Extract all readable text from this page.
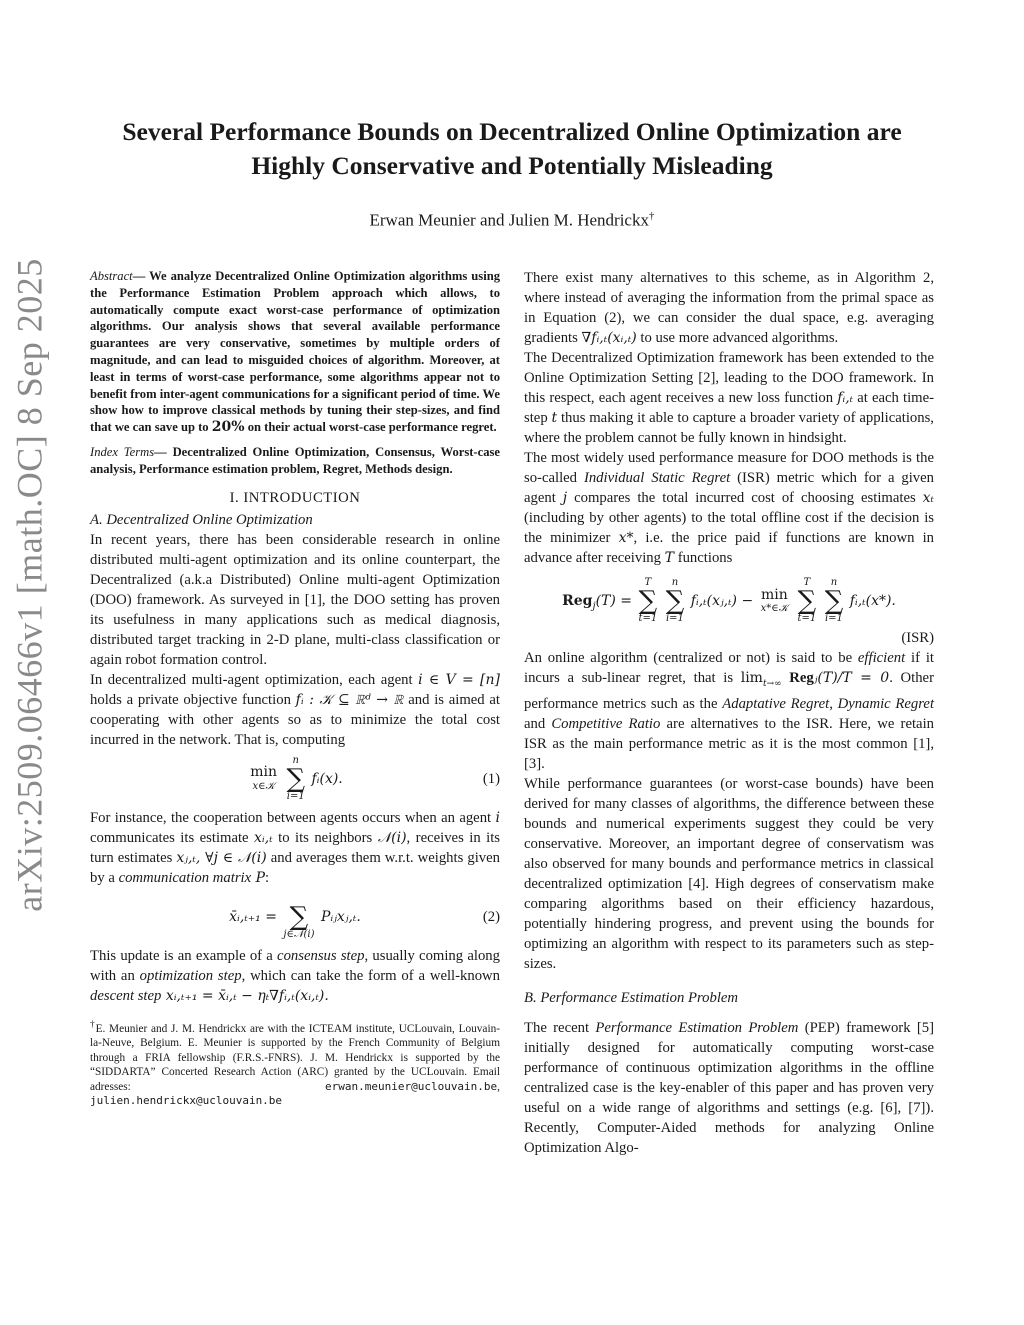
arXiv:2509.06466v1 [math.OC] 8 Sep 2025
Several Performance Bounds on Decentralized Online Optimization are
Highly Conservative and Potentially Misleading
Erwan Meunier and Julien M. Hendrickx†

Abstract— We analyze Decentralized Online Optimization algorithms using the Performance Estimation Problem approach which allows, to automatically compute exact worst-case performance of optimization algorithms. Our analysis shows that several available performance guarantees are very conservative, sometimes by multiple orders of magnitude, and can lead to misguided choices of algorithm. Moreover, at least in terms of worst-case performance, some algorithms appear not to benefit from inter-agent communications for a significant period of time. We show how to improve classical methods by tuning their step-sizes, and find that we can save up to 20% on their actual worst-case performance regret.

Index Terms— Decentralized Online Optimization, Consensus, Worst-case analysis, Performance estimation problem, Regret, Methods design.

I. INTRODUCTION

A. Decentralized Online Optimization

In recent years, there has been considerable research in online distributed multi-agent optimization and its online counterpart, the Decentralized (a.k.a Distributed) Online multi-agent Optimization (DOO) framework. As surveyed in [1], the DOO setting has proven its usefulness in many applications such as medical diagnosis, distributed target tracking in 2-D plane, multi-class classification or again robot formation control.

In decentralized multi-agent optimization, each agent i ∈ V = [n] holds a private objective function fᵢ : 𝒦 ⊆ ℝᵈ → ℝ and is aimed at cooperating with other agents so as to minimize the total cost incurred in the network. That is, computing

min
x∈𝒦

n
∑
i=1
fᵢ(x).	(1)

For instance, the cooperation between agents occurs when an agent i communicates its estimate xᵢ,ₜ to its neighbors 𝒩(i), receives in its turn estimates xⱼ,ₜ, ∀j ∈ 𝒩(i) and averages them w.r.t. weights given by a communication matrix P:

x̄ᵢ,ₜ₊₁ =
∑
j∈𝒩(i)
Pᵢⱼxⱼ,ₜ.	(2)

This update is an example of a consensus step, usually coming along with an optimization step, which can take the form of a well-known descent step xᵢ,ₜ₊₁ = x̄ᵢ,ₜ − ηₜ∇fᵢ,ₜ(xᵢ,ₜ).

†E. Meunier and J. M. Hendrickx are with the ICTEAM institute, UCLouvain, Louvain-la-Neuve, Belgium. E. Meunier is supported by the French Community of Belgium through a FRIA fellowship (F.R.S.-FNRS). J. M. Hendrickx is supported by the “SIDDARTA” Concerted Research Action (ARC) granted by the UCLouvain. Email adresses: erwan.meunier@uclouvain.be, julien.hendrickx@uclouvain.be

There exist many alternatives to this scheme, as in Algorithm 2, where instead of averaging the information from the primal space as in Equation (2), we can consider the dual space, e.g. averaging gradients ∇fᵢ,ₜ(xᵢ,ₜ) to use more advanced algorithms.

The Decentralized Optimization framework has been extended to the Online Optimization Setting [2], leading to the DOO framework. In this respect, each agent receives a new loss function fᵢ,ₜ at each time-step t thus making it able to capture a broader variety of applications, where the problem cannot be fully known in hindsight.

The most widely used performance measure for DOO methods is the so-called Individual Static Regret (ISR) metric which for a given agent j compares the total incurred cost of choosing estimates xₜ (including by other agents) to the total offline cost if the decision is the minimizer x*, i.e. the price paid if functions are known in advance after receiving T functions

Reg$_j$(T) =
T
∑
t=1

n
∑
i=1
fᵢ,ₜ(xⱼ,ₜ) − min
x*∈𝒦

T
∑
t=1

n
∑
i=1
fᵢ,ₜ(x*).

(ISR)

An online algorithm (centralized or not) is said to be efficient if it incurs a sub-linear regret, that is $\lim_{t\to\infty}$ Regⱼ(T)/T = 0. Other performance metrics such as the Adaptative Regret, Dynamic Regret and Competitive Ratio are alternatives to the ISR. Here, we retain ISR as the main performance metric as it is the most common [1], [3].

While performance guarantees (or worst-case bounds) have been derived for many classes of algorithms, the difference between these bounds and numerical experiments suggest they could be very conservative. Moreover, an important degree of conservatism was also observed for many bounds and performance metrics in classical decentralized optimization [4]. High degrees of conservatism make comparing algorithms based on their efficiency hazardous, potentially hindering progress, and prevent using the bounds for optimizing an algorithm with respect to its parameters such as step-sizes.

B. Performance Estimation Problem

The recent Performance Estimation Problem (PEP) framework [5] initially designed for automatically computing worst-case performance of continuous optimization algorithms in the offline centralized case is the key-enabler of this paper and has proven very useful on a wide range of algorithms and settings (e.g. [6], [7]). Recently, Computer-Aided methods for analyzing Online Optimization Algo-
